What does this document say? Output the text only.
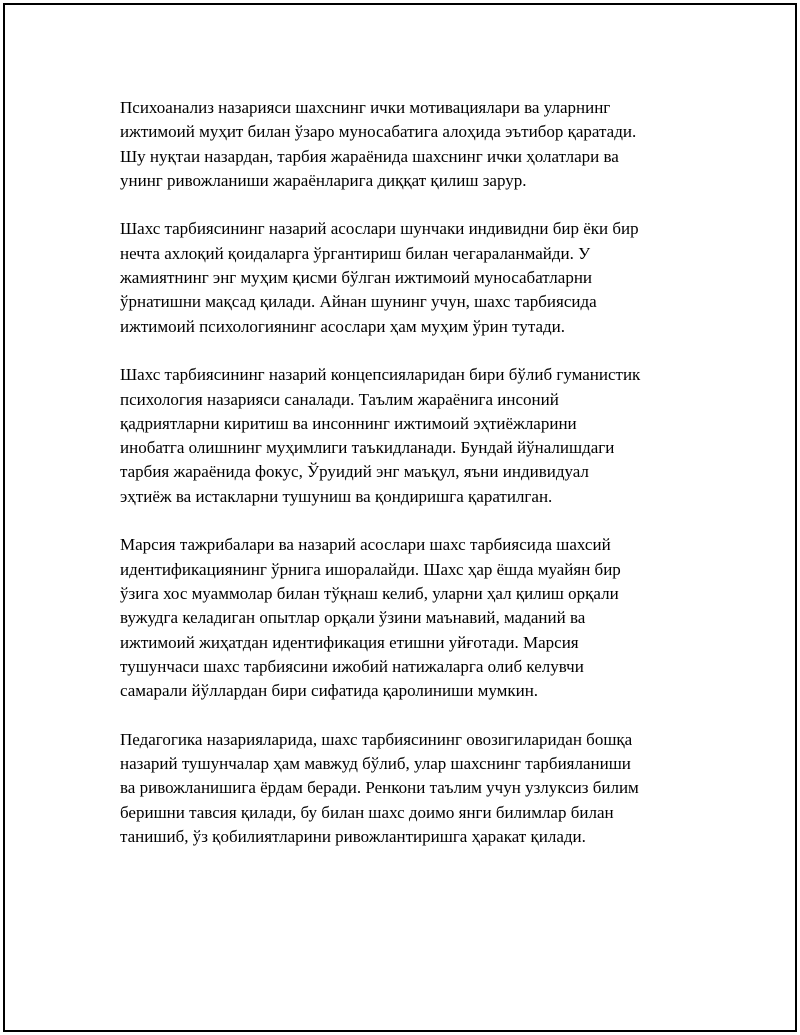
Психоанализ назарияси шахснинг ички мотивациялари ва уларнинг
ижтимоий муҳит билан ўзаро муносабатига алоҳида эътибор қаратади.
Шу нуқтаи назардан, тарбия жараёнида шахснинг ички ҳолатлари ва
унинг ривожланиши жараёнларига диққат қилиш зарур.

Шахс тарбиясининг назарий асослари шунчаки индивидни бир ёки бир
нечта ахлоқий қоидаларга ўргантириш билан чегараланмайди. У
жамиятнинг энг муҳим қисми бўлган ижтимоий муносабатларни
ўрнатишни мақсад қилади. Айнан шунинг учун, шахс тарбиясида
ижтимоий психологиянинг асослари ҳам муҳим ўрин тутади.

Шахс тарбиясининг назарий концепсияларидан бири бўлиб гуманистик
психология назарияси саналади. Таълим жараёнига инсоний
қадриятларни киритиш ва инсоннинг ижтимоий эҳтиёжларини
инобатга олишнинг муҳимлиги таъкидланади. Бундай йўналишдаги
тарбия жараёнида фокус, Ўруидий энг маъқул, яъни индивидуал
эҳтиёж ва истакларни тушуниш ва қондиришга қаратилган.

Марсия тажрибалари ва назарий асослари шахс тарбиясида шахсий
идентификациянинг ўрнига ишоралайди. Шахс ҳар ёшда муайян бир
ўзига хос муаммолар билан тўқнаш келиб, уларни ҳал қилиш орқали
вужудга келадиган опытлар орқали ўзини маънавий, маданий ва
ижтимоий жиҳатдан идентификация етишни уйғотади. Марсия
тушунчаси шахс тарбиясини ижобий натижаларга олиб келувчи
самарали йўллардан бири сифатида қаролиниши мумкин.

Педагогика назарияларида, шахс тарбиясининг овозигиларидан бошқа
назарий тушунчалар ҳам мавжуд бўлиб, улар шахснинг тарбияланиши
ва ривожланишига ёрдам беради. Ренкони таълим учун узлуксиз билим
беришни тавсия қилади, бу билан шахс доимо янги билимлар билан
танишиб, ўз қобилиятларини ривожлантиришга ҳаракат қилади.
